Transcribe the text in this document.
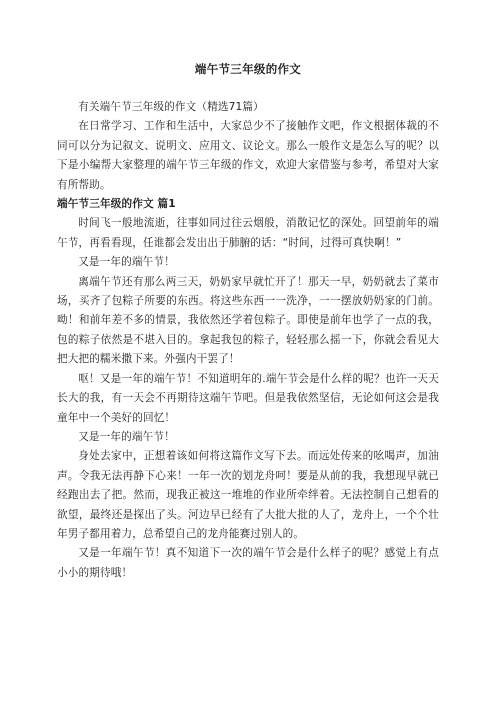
端午节三年级的作文

有关端午节三年级的作文（精选71篇）

在日常学习、工作和生活中，大家总少不了接触作文吧，作文根据体裁的不同可以分为记叙文、说明文、应用文、议论文。那么一般作文是怎么写的呢？以下是小编帮大家整理的端午节三年级的作文，欢迎大家借鉴与参考，希望对大家有所帮助。

端午节三年级的作文 篇1

时间飞一般地流逝，往事如同过往云烟般，消散记忆的深处。回望前年的端午节，再看看现，任谁都会发出出于肺腑的话：“时间，过得可真快啊！”

又是一年的端午节！

离端午节还有那么两三天，奶奶家早就忙开了！那天一早，奶奶就去了菜市场，买齐了包粽子所要的东西。将这些东西一一洗净，一一摆放奶奶家的门前。呦！和前年差不多的情景，我依然还学着包粽子。即使是前年也学了一点的我，包的粽子依然是不堪入目的。拿起我包的粽子，轻轻那么摇一下，你就会看见大把大把的糯米撒下来。外强内干罢了！

呕！又是一年的端午节！不知道明年的.端午节会是什么样的呢？也许一天天长大的我，有一天会不再期待这端午节吧。但是我依然坚信，无论如何这会是我童年中一个美好的回忆！

又是一年的端午节！

身处去家中，正想着该如何将这篇作文写下去。而远处传来的吆喝声，加油声。令我无法再静下心来！一年一次的划龙舟呵！要是从前的我，我想现早就已经跑出去了把。然而，现我正被这一堆堆的作业所牵绊着。无法控制自己想看的欲望，最终还是探出了头。河边早已经有了大批大批的人了，龙舟上，一个个壮年男子都用着力，总希望自己的龙舟能赛过别人的。

又是一年端午节！真不知道下一次的端午节会是什么样子的呢？感觉上有点小小的期待哦！
